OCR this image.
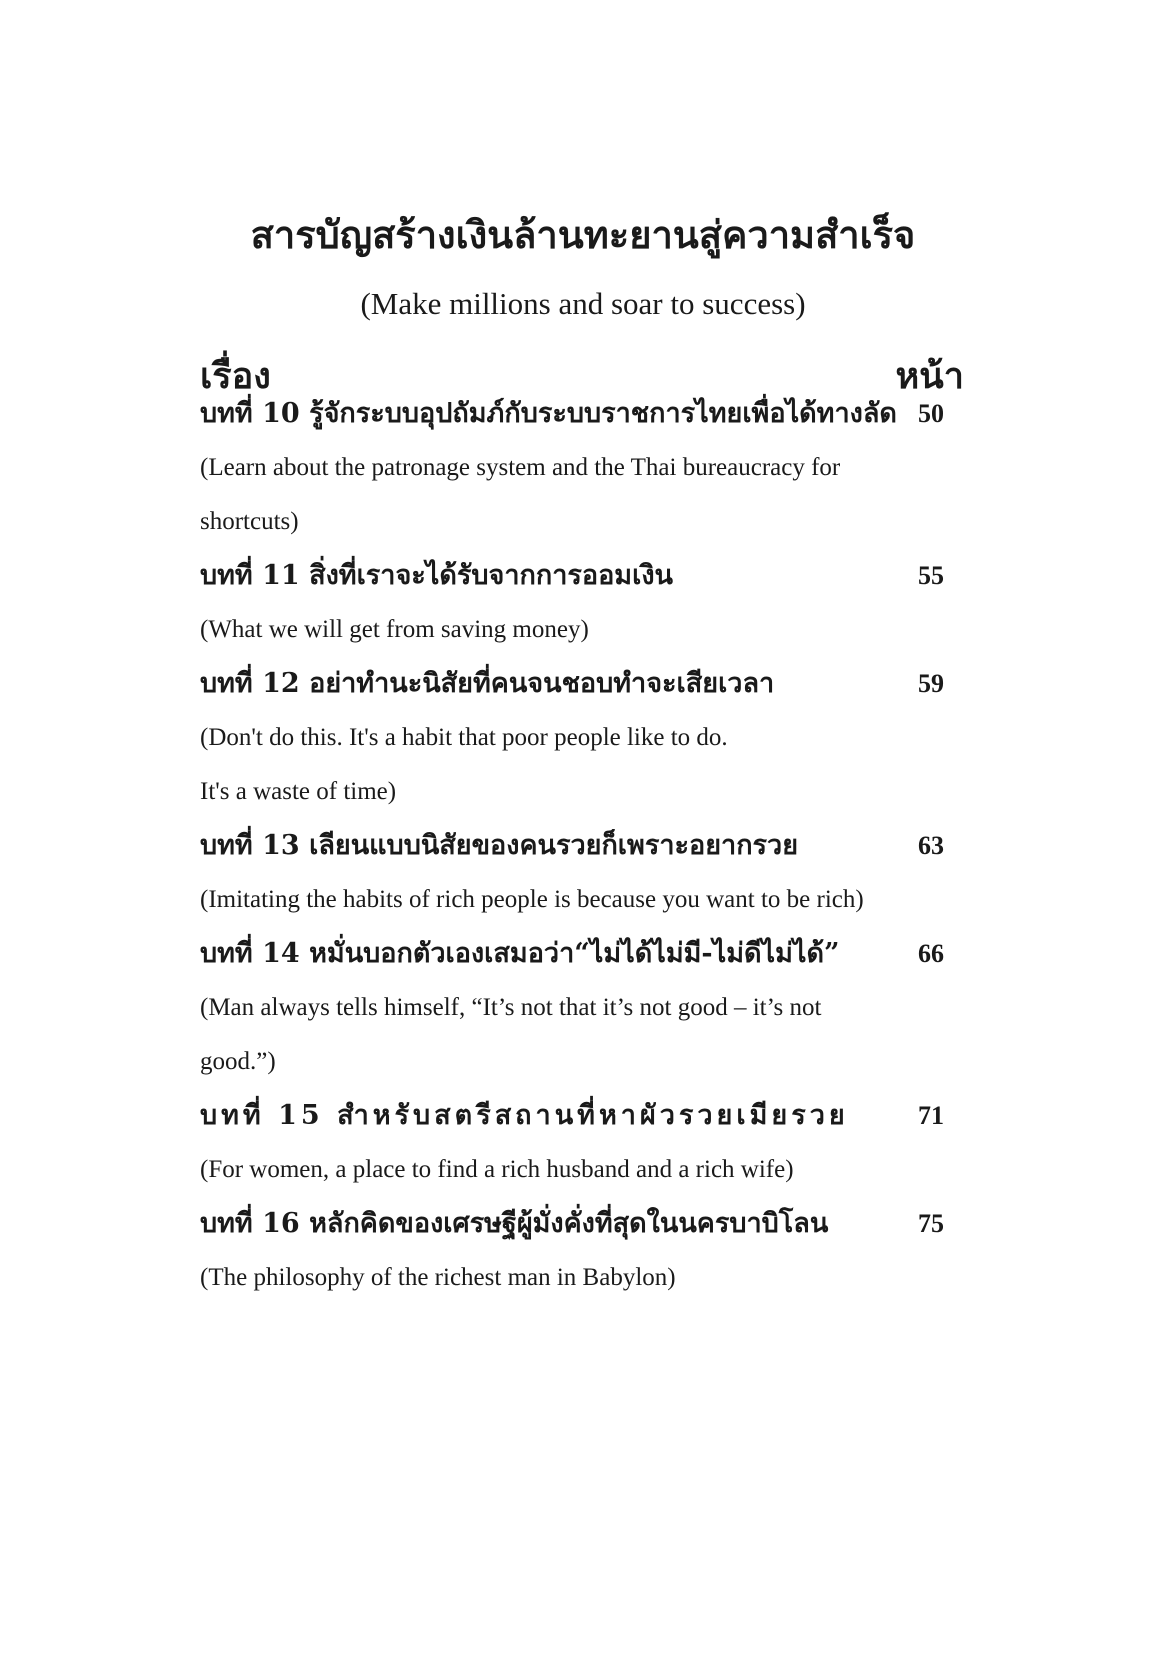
สารบัญสร้างเงินล้านทะยานสู่ความสำเร็จ
(Make millions and soar to success)
เรื่อง	หน้า
บทที่ 10 รู้จักระบบอุปถัมภ์กับระบบราชการไทยเพื่อได้ทางลัด 50
(Learn about the patronage system and the Thai bureaucracy for
shortcuts)
บทที่ 11 สิ่งที่เราจะได้รับจากการออมเงิน	55
(What we will get from saving money)
บทที่ 12 อย่าทำนะนิสัยที่คนจนชอบทำจะเสียเวลา	59
(Don't do this. It's a habit that poor people like to do.
It's a waste of time)
บทที่ 13 เลียนแบบนิสัยของคนรวยก็เพราะอยากรวย	63
(Imitating the habits of rich people is because you want to be rich)
บทที่ 14 หมั่นบอกตัวเองเสมอว่า“ไม่ได้ไม่มี-ไม่ดีไม่ได้”	66
(Man always tells himself, “It’s not that it’s not good – it’s not
good.”)
บทที่ 15 สำหรับสตรีสถานที่หาผัวรวยเมียรวย	71
(For women, a place to find a rich husband and a rich wife)
บทที่ 16 หลักคิดของเศรษฐีผู้มั่งคั่งที่สุดในนครบาบิโลน	75
(The philosophy of the richest man in Babylon)
